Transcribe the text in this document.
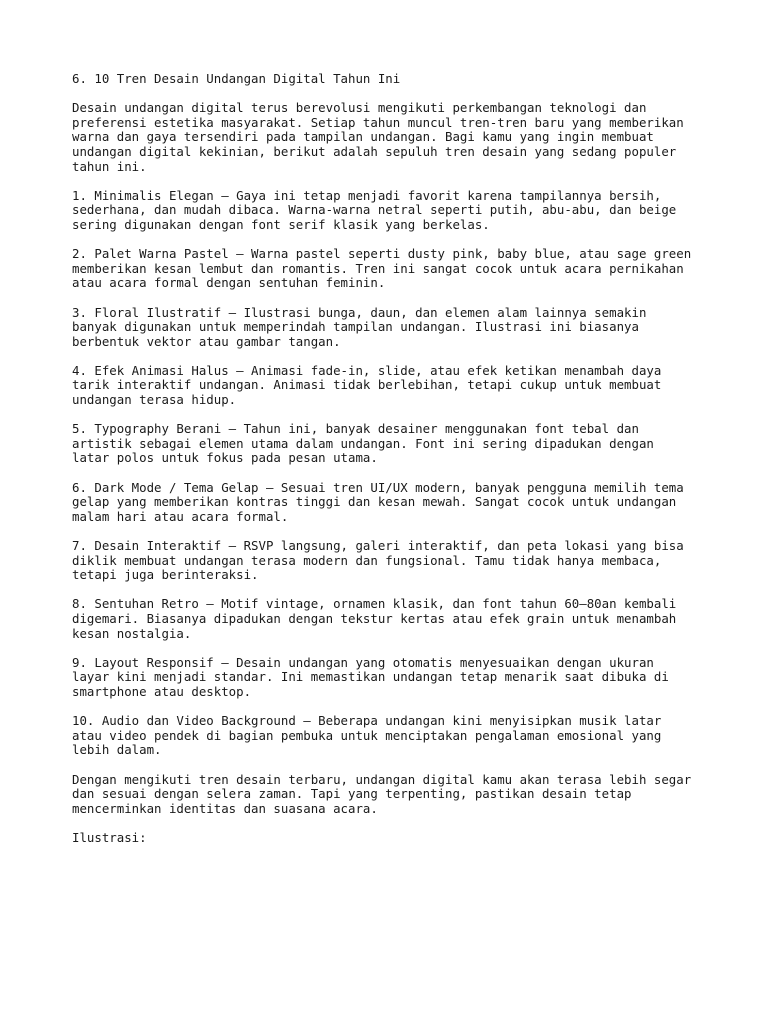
6. 10 Tren Desain Undangan Digital Tahun Ini

Desain undangan digital terus berevolusi mengikuti perkembangan teknologi dan
preferensi estetika masyarakat. Setiap tahun muncul tren-tren baru yang memberikan
warna dan gaya tersendiri pada tampilan undangan. Bagi kamu yang ingin membuat
undangan digital kekinian, berikut adalah sepuluh tren desain yang sedang populer
tahun ini.

1. Minimalis Elegan – Gaya ini tetap menjadi favorit karena tampilannya bersih,
sederhana, dan mudah dibaca. Warna-warna netral seperti putih, abu-abu, dan beige
sering digunakan dengan font serif klasik yang berkelas.
2. Palet Warna Pastel – Warna pastel seperti dusty pink, baby blue, atau sage green
memberikan kesan lembut dan romantis. Tren ini sangat cocok untuk acara pernikahan
atau acara formal dengan sentuhan feminin.
3. Floral Ilustratif – Ilustrasi bunga, daun, dan elemen alam lainnya semakin
banyak digunakan untuk memperindah tampilan undangan. Ilustrasi ini biasanya
berbentuk vektor atau gambar tangan.
4. Efek Animasi Halus – Animasi fade-in, slide, atau efek ketikan menambah daya
tarik interaktif undangan. Animasi tidak berlebihan, tetapi cukup untuk membuat
undangan terasa hidup.
5. Typography Berani – Tahun ini, banyak desainer menggunakan font tebal dan
artistik sebagai elemen utama dalam undangan. Font ini sering dipadukan dengan
latar polos untuk fokus pada pesan utama.
6. Dark Mode / Tema Gelap – Sesuai tren UI/UX modern, banyak pengguna memilih tema
gelap yang memberikan kontras tinggi dan kesan mewah. Sangat cocok untuk undangan
malam hari atau acara formal.
7. Desain Interaktif – RSVP langsung, galeri interaktif, dan peta lokasi yang bisa
diklik membuat undangan terasa modern dan fungsional. Tamu tidak hanya membaca,
tetapi juga berinteraksi.
8. Sentuhan Retro – Motif vintage, ornamen klasik, dan font tahun 60–80an kembali
digemari. Biasanya dipadukan dengan tekstur kertas atau efek grain untuk menambah
kesan nostalgia.
9. Layout Responsif – Desain undangan yang otomatis menyesuaikan dengan ukuran
layar kini menjadi standar. Ini memastikan undangan tetap menarik saat dibuka di
smartphone atau desktop.
10. Audio dan Video Background – Beberapa undangan kini menyisipkan musik latar
atau video pendek di bagian pembuka untuk menciptakan pengalaman emosional yang
lebih dalam.

Dengan mengikuti tren desain terbaru, undangan digital kamu akan terasa lebih segar
dan sesuai dengan selera zaman. Tapi yang terpenting, pastikan desain tetap
mencerminkan identitas dan suasana acara.

Ilustrasi:
